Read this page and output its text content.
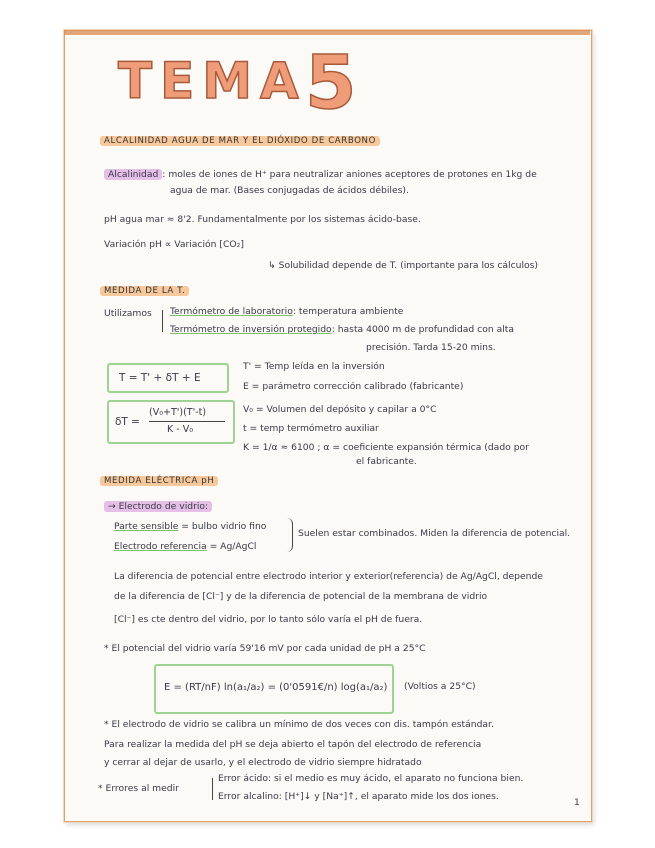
TEMA
5
ALCALINIDAD AGUA DE MAR Y EL DIÓXIDO DE CARBONO
Alcalinidad : moles de iones de H⁺ para neutralizar aniones aceptores de protones en 1kg de
agua de mar. (Bases conjugadas de ácidos débiles).
pH agua mar ≈ 8'2. Fundamentalmente por los sistemas ácido-base.
Variación pH ∝ Variación [CO₂]
↳ Solubilidad depende de T. (importante para los cálculos)
MEDIDA DE LA T.
Utilizamos Termómetro de laboratorio: temperatura ambiente
Termómetro de inversión protegido: hasta 4000 m de profundidad con alta
precisión. Tarda 15-20 mins.
T = T' + δT + E
δT =
(V₀+T')(T'-t)
K - V₀
T' = Temp leída en la inversión
E = parámetro corrección calibrado (fabricante)
V₀ = Volumen del depósito y capilar a 0°C
t = temp termómetro auxiliar
K = 1/α ≈ 6100 ; α = coeficiente expansión térmica (dado por
el fabricante.
MEDIDA ELÉCTRICA pH
→ Electrodo de vidrio:
Parte sensible = bulbo vidrio fino
Electrodo referencia = Ag/AgCl
Suelen estar combinados. Miden la diferencia de potencial.
La diferencia de potencial entre electrodo interior y exterior(referencia) de Ag/AgCl, depende
de la diferencia de [Cl⁻] y de la diferencia de potencial de la membrana de vidrio
[Cl⁻] es cte dentro del vidrio, por lo tanto sólo varía el pH de fuera.
* El potencial del vidrio varía 59'16 mV por cada unidad de pH a 25°C
E = (RT/nF) ln(a₁/a₂) = (0'0591€/n) log(a₁/a₂) (Voltios a 25°C)
* El electrodo de vidrio se calibra un mínimo de dos veces con dis. tampón estándar.
Para realizar la medida del pH se deja abierto el tapón del electrodo de referencia
y cerrar al dejar de usarlo, y el electrodo de vidrio siempre hidratado
* Errores al medir
Error ácido: si el medio es muy ácido, el aparato no funciona bien.
Error alcalino: [H⁺]↓ y [Na⁺]↑, el aparato mide los dos iones.
1
